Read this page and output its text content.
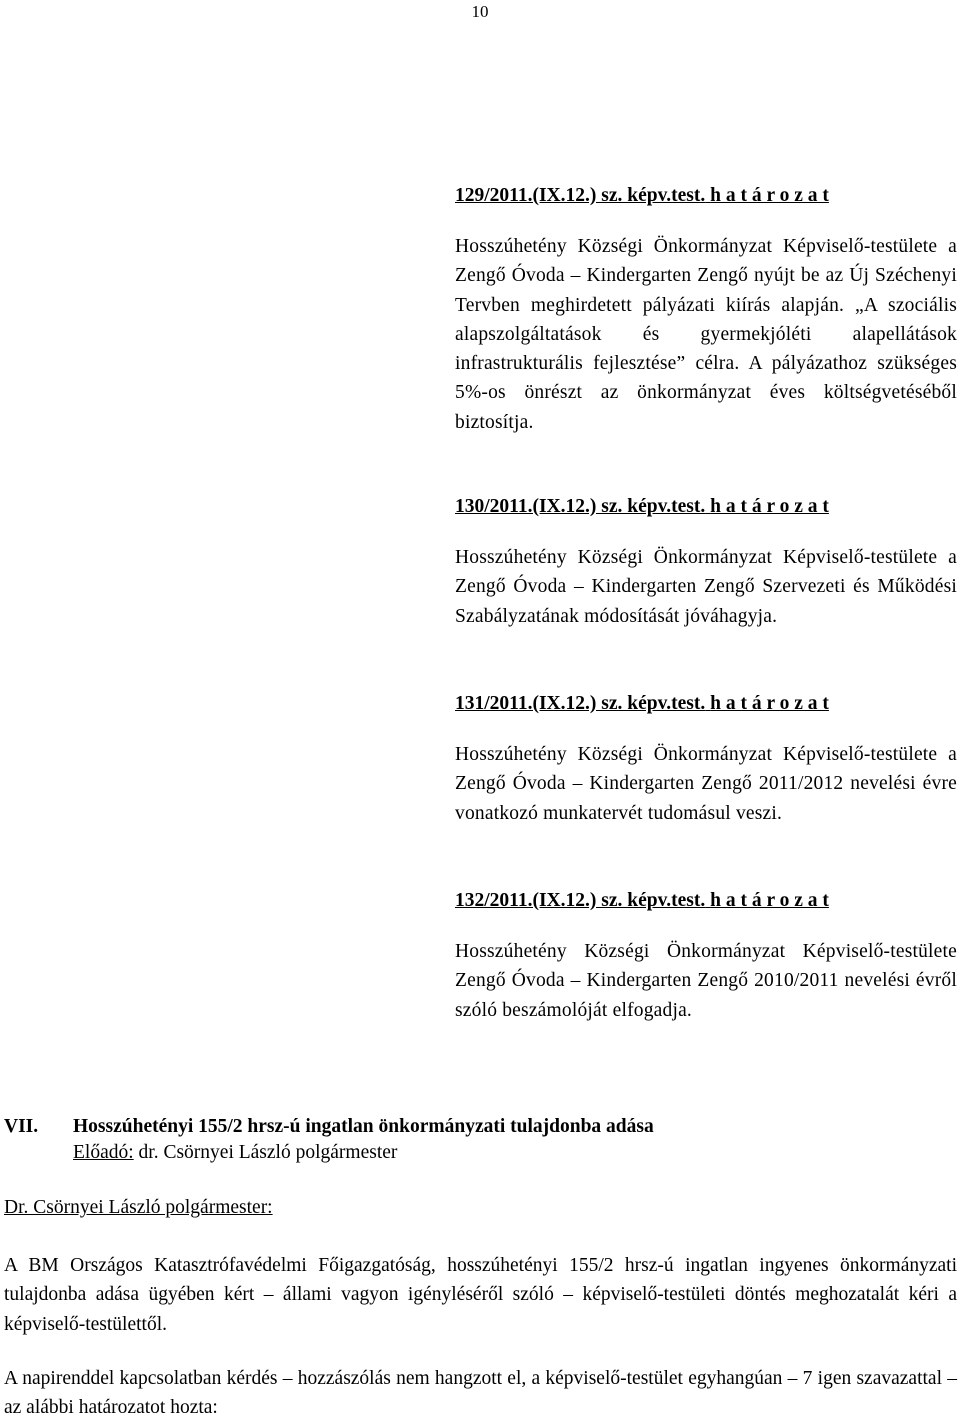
10

129/2011.(IX.12.) sz. képv.test. h a t á r o z a t

Hosszúhetény Községi Önkormányzat Képviselő-testülete a Zengő Óvoda – Kindergarten Zengő nyújt be az Új Széchenyi Tervben meghirdetett pályázati kiírás alapján. „A szociális alapszolgáltatások és gyermekjóléti alapellátások infrastrukturális fejlesztése” célra. A pályázathoz szükséges 5%-os önrészt az önkormányzat éves költségvetéséből biztosítja.

130/2011.(IX.12.) sz. képv.test. h a t á r o z a t

Hosszúhetény Községi Önkormányzat Képviselő-testülete a Zengő Óvoda – Kindergarten Zengő Szervezeti és Működési Szabályzatának módosítását jóváhagyja.

131/2011.(IX.12.) sz. képv.test. h a t á r o z a t

Hosszúhetény Községi Önkormányzat Képviselő-testülete a Zengő Óvoda – Kindergarten Zengő 2011/2012 nevelési évre vonatkozó munkatervét tudomásul veszi.

132/2011.(IX.12.) sz. képv.test. h a t á r o z a t

Hosszúhetény Községi Önkormányzat Képviselő-testülete Zengő Óvoda – Kindergarten Zengő 2010/2011 nevelési évről szóló beszámolóját elfogadja.

VII. Hosszúhetényi 155/2 hrsz-ú ingatlan önkormányzati tulajdonba adása
Előadó: dr. Csörnyei László polgármester
Dr. Csörnyei László polgármester:

A BM Országos Katasztrófavédelmi Főigazgatóság, hosszúhetényi 155/2 hrsz-ú ingatlan ingyenes önkormányzati tulajdonba adása ügyében kért – állami vagyon igényléséről szóló – képviselő-testületi döntés meghozatalát kéri a képviselő-testülettől.

A napirenddel kapcsolatban kérdés – hozzászólás nem hangzott el, a képviselő-testület egyhangúan – 7 igen szavazattal – az alábbi határozatot hozta:
